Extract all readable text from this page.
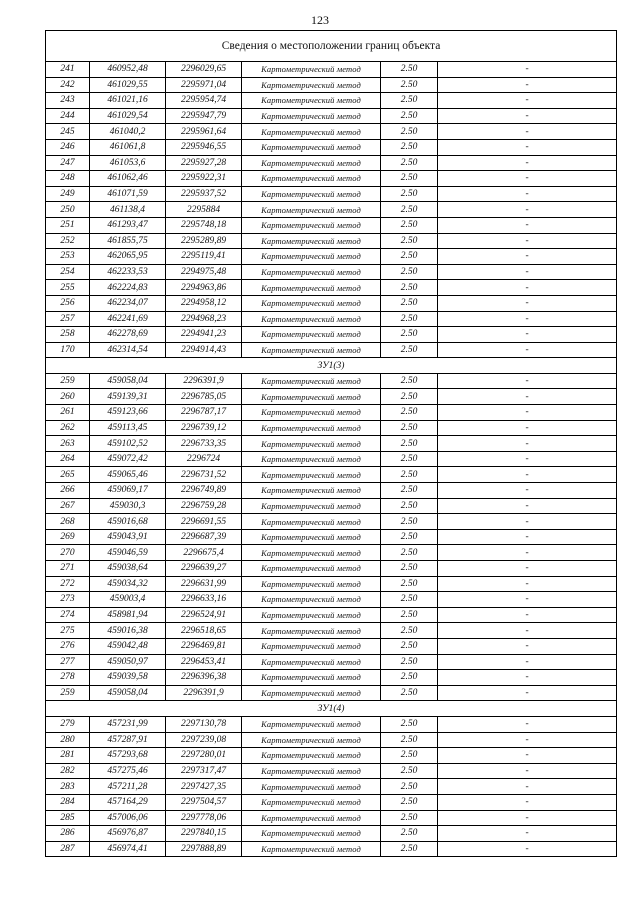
123
Сведения о местоположении границ объекта					
241	460952,48	2296029,65	Картометрический метод	2.50	-
242	461029,55	2295971,04	Картометрический метод	2.50	-
243	461021,16	2295954,74	Картометрический метод	2.50	-
244	461029,54	2295947,79	Картометрический метод	2.50	-
245	461040,2	2295961,64	Картометрический метод	2.50	-
246	461061,8	2295946,55	Картометрический метод	2.50	-
247	461053,6	2295927,28	Картометрический метод	2.50	-
248	461062,46	2295922,31	Картометрический метод	2.50	-
249	461071,59	2295937,52	Картометрический метод	2.50	-
250	461138,4	2295884	Картометрический метод	2.50	-
251	461293,47	2295748,18	Картометрический метод	2.50	-
252	461855,75	2295289,89	Картометрический метод	2.50	-
253	462065,95	2295119,41	Картометрический метод	2.50	-
254	462233,53	2294975,48	Картометрический метод	2.50	-
255	462224,83	2294963,86	Картометрический метод	2.50	-
256	462234,07	2294958,12	Картометрический метод	2.50	-
257	462241,69	2294968,23	Картометрический метод	2.50	-
258	462278,69	2294941,23	Картометрический метод	2.50	-
170	462314,54	2294914,43	Картометрический метод	2.50	-
ЗУ1(3)					
259	459058,04	2296391,9	Картометрический метод	2.50	-
260	459139,31	2296785,05	Картометрический метод	2.50	-
261	459123,66	2296787,17	Картометрический метод	2.50	-
262	459113,45	2296739,12	Картометрический метод	2.50	-
263	459102,52	2296733,35	Картометрический метод	2.50	-
264	459072,42	2296724	Картометрический метод	2.50	-
265	459065,46	2296731,52	Картометрический метод	2.50	-
266	459069,17	2296749,89	Картометрический метод	2.50	-
267	459030,3	2296759,28	Картометрический метод	2.50	-
268	459016,68	2296691,55	Картометрический метод	2.50	-
269	459043,91	2296687,39	Картометрический метод	2.50	-
270	459046,59	2296675,4	Картометрический метод	2.50	-
271	459038,64	2296639,27	Картометрический метод	2.50	-
272	459034,32	2296631,99	Картометрический метод	2.50	-
273	459003,4	2296633,16	Картометрический метод	2.50	-
274	458981,94	2296524,91	Картометрический метод	2.50	-
275	459016,38	2296518,65	Картометрический метод	2.50	-
276	459042,48	2296469,81	Картометрический метод	2.50	-
277	459050,97	2296453,41	Картометрический метод	2.50	-
278	459039,58	2296396,38	Картометрический метод	2.50	-
259	459058,04	2296391,9	Картометрический метод	2.50	-
ЗУ1(4)					
279	457231,99	2297130,78	Картометрический метод	2.50	-
280	457287,91	2297239,08	Картометрический метод	2.50	-
281	457293,68	2297280,01	Картометрический метод	2.50	-
282	457275,46	2297317,47	Картометрический метод	2.50	-
283	457211,28	2297427,35	Картометрический метод	2.50	-
284	457164,29	2297504,57	Картометрический метод	2.50	-
285	457006,06	2297778,06	Картометрический метод	2.50	-
286	456976,87	2297840,15	Картометрический метод	2.50	-
287	456974,41	2297888,89	Картометрический метод	2.50	-
